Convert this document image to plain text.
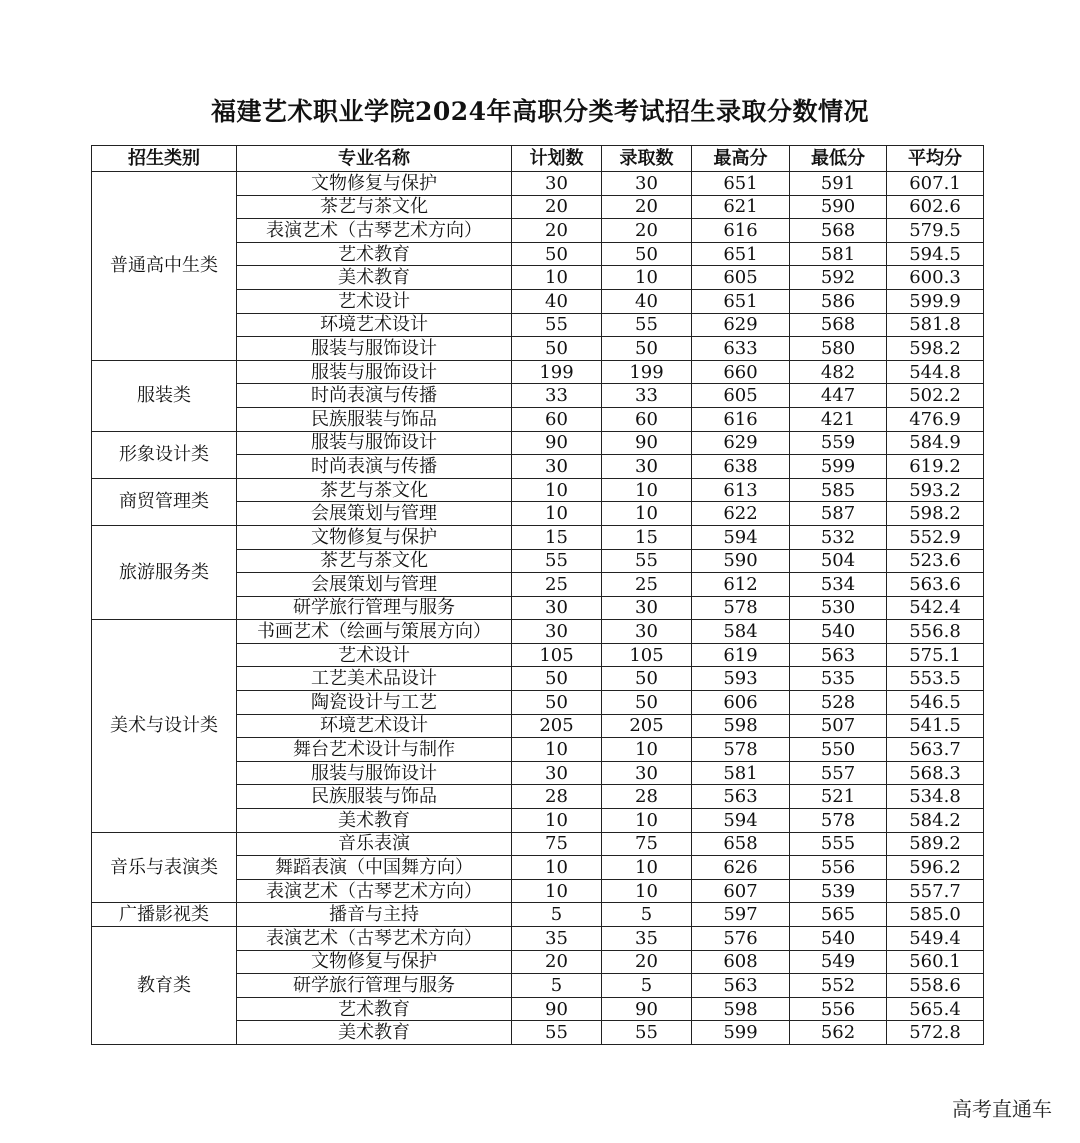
福建艺术职业学院2024年高职分类考试招生录取分数情况
招生类别	专业名称	计划数	录取数	最高分	最低分	平均分
普通高中生类	文物修复与保护	30	30	651	591	607.1
	茶艺与茶文化	20	20	621	590	602.6
	表演艺术（古琴艺术方向）	20	20	616	568	579.5
	艺术教育	50	50	651	581	594.5
	美术教育	10	10	605	592	600.3
	艺术设计	40	40	651	586	599.9
	环境艺术设计	55	55	629	568	581.8
	服装与服饰设计	50	50	633	580	598.2
服装类	服装与服饰设计	199	199	660	482	544.8
	时尚表演与传播	33	33	605	447	502.2
	民族服装与饰品	60	60	616	421	476.9
形象设计类	服装与服饰设计	90	90	629	559	584.9
	时尚表演与传播	30	30	638	599	619.2
商贸管理类	茶艺与茶文化	10	10	613	585	593.2
	会展策划与管理	10	10	622	587	598.2
旅游服务类	文物修复与保护	15	15	594	532	552.9
	茶艺与茶文化	55	55	590	504	523.6
	会展策划与管理	25	25	612	534	563.6
	研学旅行管理与服务	30	30	578	530	542.4
美术与设计类	书画艺术（绘画与策展方向）	30	30	584	540	556.8
	艺术设计	105	105	619	563	575.1
	工艺美术品设计	50	50	593	535	553.5
	陶瓷设计与工艺	50	50	606	528	546.5
	环境艺术设计	205	205	598	507	541.5
	舞台艺术设计与制作	10	10	578	550	563.7
	服装与服饰设计	30	30	581	557	568.3
	民族服装与饰品	28	28	563	521	534.8
	美术教育	10	10	594	578	584.2
音乐与表演类	音乐表演	75	75	658	555	589.2
	舞蹈表演（中国舞方向）	10	10	626	556	596.2
	表演艺术（古琴艺术方向）	10	10	607	539	557.7
广播影视类	播音与主持	5	5	597	565	585.0
教育类	表演艺术（古琴艺术方向）	35	35	576	540	549.4
	文物修复与保护	20	20	608	549	560.1
	研学旅行管理与服务	5	5	563	552	558.6
	艺术教育	90	90	598	556	565.4
	美术教育	55	55	599	562	572.8
高考直通车
